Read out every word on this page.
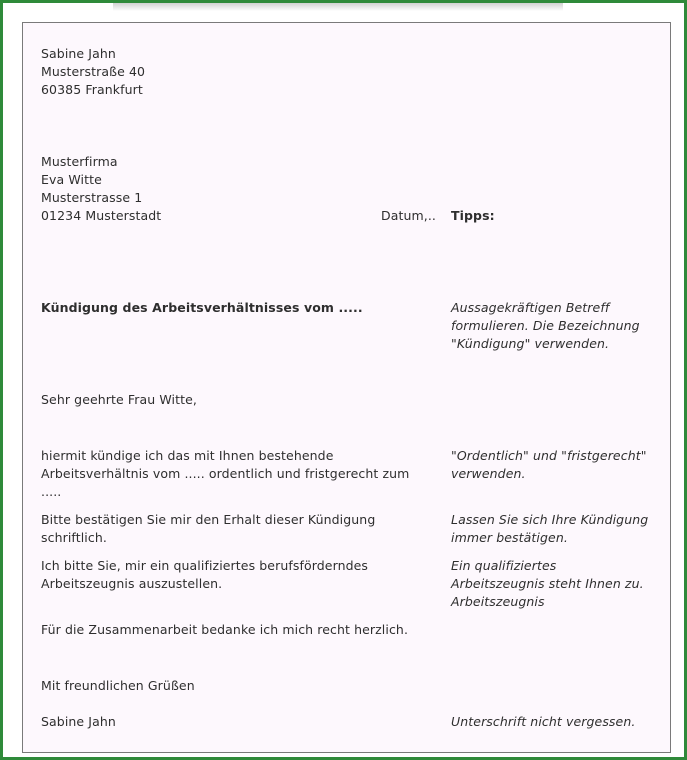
Sabine Jahn
Musterstraße 40
60385 Frankfurt
Musterfirma
Eva Witte
Musterstrasse 1
01234 Musterstadt	Datum,..	Tipps:
Kündigung des Arbeitsverhältnisses vom .....	Aussagekräftigen Betreff
formulieren. Die Bezeichnung
"Kündigung" verwenden.
Sehr geehrte Frau Witte,
hiermit kündige ich das mit Ihnen bestehende
Arbeitsverhältnis vom ..... ordentlich und fristgerecht zum
.....
"Ordentlich" und "fristgerecht"
verwenden.
Bitte bestätigen Sie mir den Erhalt dieser Kündigung
schriftlich.
Lassen Sie sich Ihre Kündigung
immer bestätigen.
Ich bitte Sie, mir ein qualifiziertes berufsförderndes
Arbeitszeugnis auszustellen.
Ein qualifiziertes
Arbeitszeugnis steht Ihnen zu.
Arbeitszeugnis
Für die Zusammenarbeit bedanke ich mich recht herzlich.
Mit freundlichen Grüßen
Sabine Jahn	Unterschrift nicht vergessen.
